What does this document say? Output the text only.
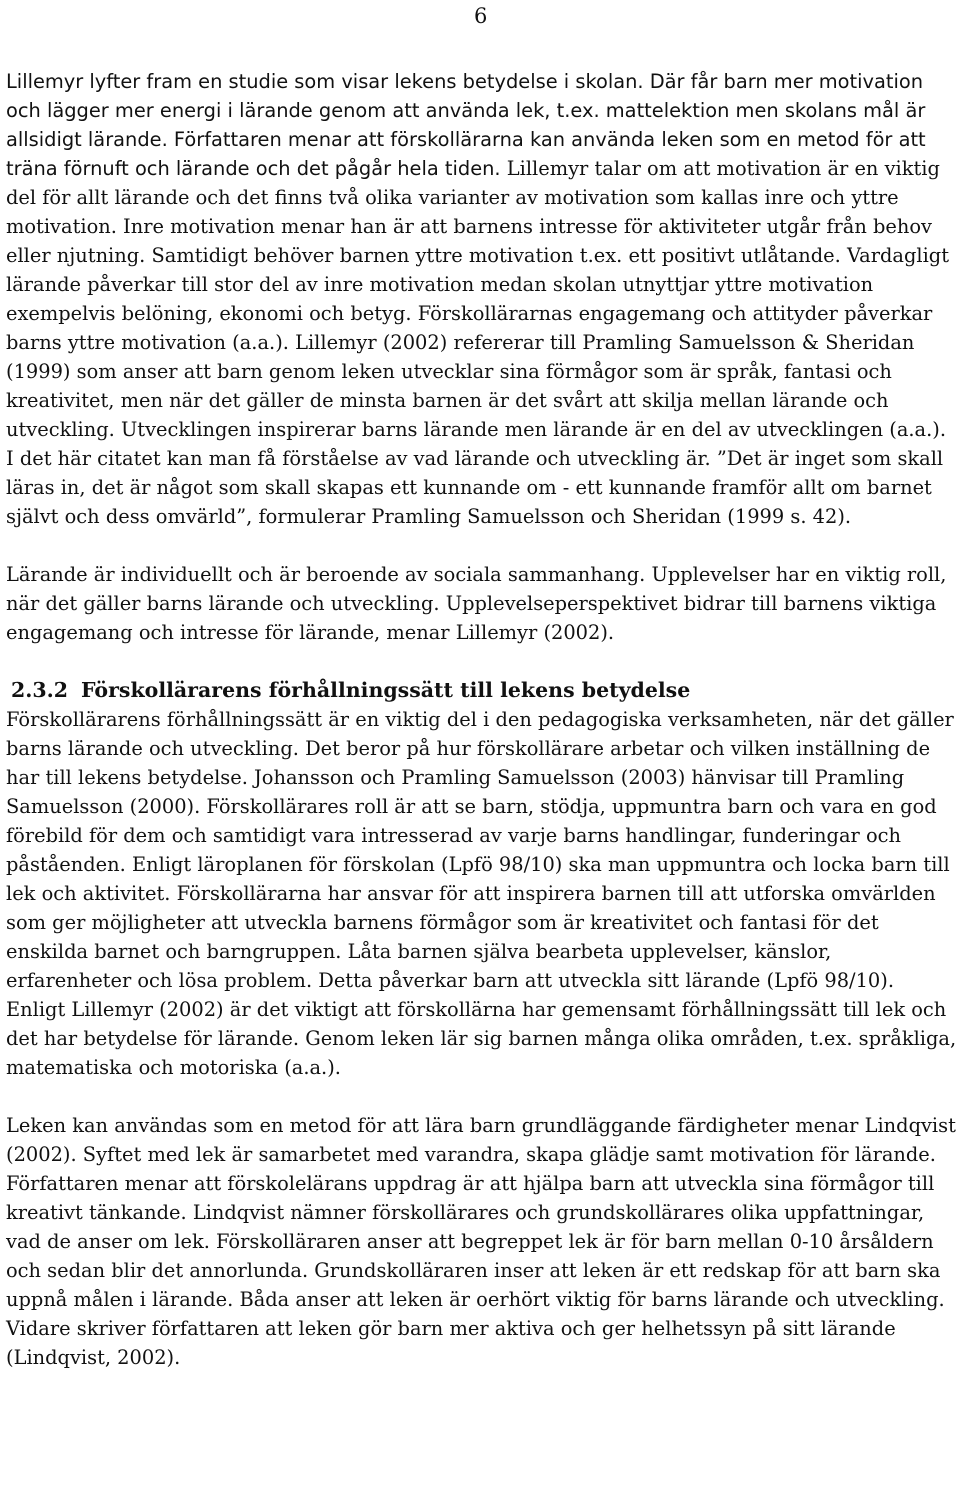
6

Lillemyr lyfter fram en studie som visar lekens betydelse i skolan. Där får barn mer motivation och lägger mer energi i lärande genom att använda lek, t.ex. mattelektion men skolans mål är allsidigt lärande. Författaren menar att förskollärarna kan använda leken som en metod för att träna förnuft och lärande och det pågår hela tiden. Lillemyr talar om att motivation är en viktig del för allt lärande och det finns två olika varianter av motivation som kallas inre och yttre motivation. Inre motivation menar han är att barnens intresse för aktiviteter utgår från behov eller njutning. Samtidigt behöver barnen yttre motivation t.ex. ett positivt utlåtande. Vardagligt lärande påverkar till stor del av inre motivation medan skolan utnyttjar yttre motivation exempelvis belöning, ekonomi och betyg. Förskollärarnas engagemang och attityder påverkar barns yttre motivation (a.a.). Lillemyr (2002) refererar till Pramling Samuelsson & Sheridan (1999) som anser att barn genom leken utvecklar sina förmågor som är språk, fantasi och kreativitet, men när det gäller de minsta barnen är det svårt att skilja mellan lärande och utveckling. Utvecklingen inspirerar barns lärande men lärande är en del av utvecklingen (a.a.). I det här citatet kan man få förståelse av vad lärande och utveckling är. ”Det är inget som skall läras in, det är något som skall skapas ett kunnande om - ett kunnande framför allt om barnet självt och dess omvärld”, formulerar Pramling Samuelsson och Sheridan (1999 s. 42).

Lärande är individuellt och är beroende av sociala sammanhang. Upplevelser har en viktig roll, när det gäller barns lärande och utveckling. Upplevelseperspektivet bidrar till barnens viktiga engagemang och intresse för lärande, menar Lillemyr (2002).

2.3.2 Förskollärarens förhållningssätt till lekens betydelse

Förskollärarens förhållningssätt är en viktig del i den pedagogiska verksamheten, när det gäller barns lärande och utveckling. Det beror på hur förskollärare arbetar och vilken inställning de har till lekens betydelse. Johansson och Pramling Samuelsson (2003) hänvisar till Pramling Samuelsson (2000). Förskollärares roll är att se barn, stödja, uppmuntra barn och vara en god förebild för dem och samtidigt vara intresserad av varje barns handlingar, funderingar och påståenden. Enligt läroplanen för förskolan (Lpfö 98/10) ska man uppmuntra och locka barn till lek och aktivitet. Förskollärarna har ansvar för att inspirera barnen till att utforska omvärlden som ger möjligheter att utveckla barnens förmågor som är kreativitet och fantasi för det enskilda barnet och barngruppen. Låta barnen själva bearbeta upplevelser, känslor, erfarenheter och lösa problem. Detta påverkar barn att utveckla sitt lärande (Lpfö 98/10). Enligt Lillemyr (2002) är det viktigt att förskollärna har gemensamt förhållningssätt till lek och det har betydelse för lärande. Genom leken lär sig barnen många olika områden, t.ex. språkliga, matematiska och motoriska (a.a.).

Leken kan användas som en metod för att lära barn grundläggande färdigheter menar Lindqvist (2002). Syftet med lek är samarbetet med varandra, skapa glädje samt motivation för lärande. Författaren menar att förskolelärans uppdrag är att hjälpa barn att utveckla sina förmågor till kreativt tänkande. Lindqvist nämner förskollärares och grundskollärares olika uppfattningar, vad de anser om lek. Förskolläraren anser att begreppet lek är för barn mellan 0-10 årsåldern och sedan blir det annorlunda. Grundskolläraren inser att leken är ett redskap för att barn ska uppnå målen i lärande. Båda anser att leken är oerhört viktig för barns lärande och utveckling. Vidare skriver författaren att leken gör barn mer aktiva och ger helhetssyn på sitt lärande (Lindqvist, 2002).
